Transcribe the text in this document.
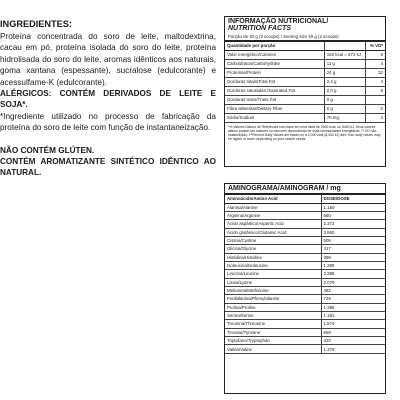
INGREDIENTES:

Proteína concentrada do soro de leite, maltodextrina, cacau em pó, proteína isolada do soro do leite, proteína hidrolisada do soro do leite, aromas idênticos aos naturais, goma xantana (espessante), sucralose (edulcorante) e acessulfame-K (edulcorante).

ALÉRGICOS: CONTÉM DERIVADOS DE LEITE E SOJA*.

*Ingrediente utilizado no processo de fabricação da proteína do soro de leite com função de instantaneização.

NÃO CONTÉM GLÚTEN.

CONTÉM AROMATIZANTE SINTÉTICO IDÊNTICO AO NATURAL.

INFORMAÇÃO NUTRICIONAL/
NUTRITION FACTS
Porção de 40 g (2 scoops) / Serving size 40 g (2 scoops)
Quantidade por porção		% VD*
Valor energético/Calories	160 kcal = 672 kJ	8
Carboidratos/Carbohydrate	11 g	4
Proteínas/Protein	24 g	32
Gorduras totais/Total Fat	2,4 g	4
Gorduras saturadas /Saturated Fat	2,0 g	9
Gorduras trans/Trans Fat	0 g	
Fibra alimentar/Dietary Fiber	0 g	0
Sódio/Sodium	70 mg	3
*% Valores Diários de Referência com base em uma dieta de 2000 kcal, ou 8400 kJ. Seus valores diários podem ser maiores ou menores dependendo de suas necessidades energéticas. ** VD não estabelecido. / *Percent Daily Values are based on a 2,000 kcal (8,400 kJ) diet. Your daily values may be higher or lower depending on your calorie needs.
AMINOGRAMA/AMINOGRAM / mg
Aminoácido/Amino Acid	DOSE/DOSE
Alanina/Alanine	1.150
Arginina/Arginine	560
Ácido aspártico/Aspartic Acid	2.372
Ácido glutâmico/Glutamic Acid	3.860
Cistina/Cystine	505
Glicina/Glycine	417
Histidina/Histidine	398
Isoleucina/Isoleucine	1.289
Leucina/Leucine	2.385
Lisina/Lysine	2.079
Metionina/Methionine	482
Fenilalanina/Phenylalanine	729
Prolina/Proline	1.385
Serina/Serine	1.191
Treonina/Threonine	1.574
Tirosina/Tyrosine	669
Triptofano/Tryptophan	420
Valina/Valine	1.378
